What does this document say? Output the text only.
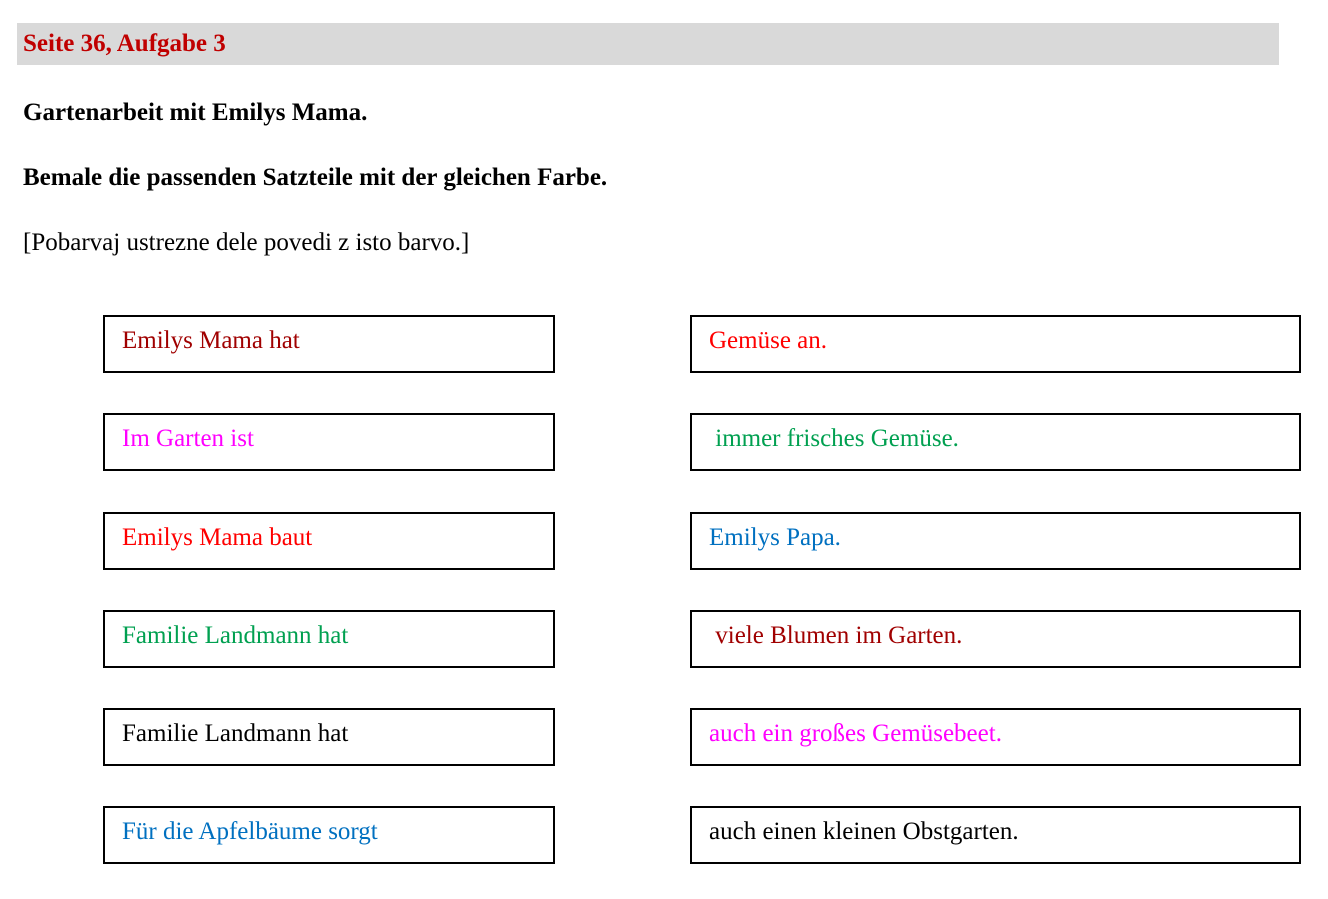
Seite 36, Aufgabe 3

Gartenarbeit mit Emilys Mama.

Bemale die passenden Satzteile mit der gleichen Farbe.

[Pobarvaj ustrezne dele povedi z isto barvo.]

Emilys Mama hat
Im Garten ist
Emilys Mama baut
Familie Landmann hat
Familie Landmann hat
Für die Apfelbäume sorgt
Gemüse an.
immer frisches Gemüse.
Emilys Papa.
viele Blumen im Garten.
auch ein großes Gemüsebeet.
auch einen kleinen Obstgarten.
